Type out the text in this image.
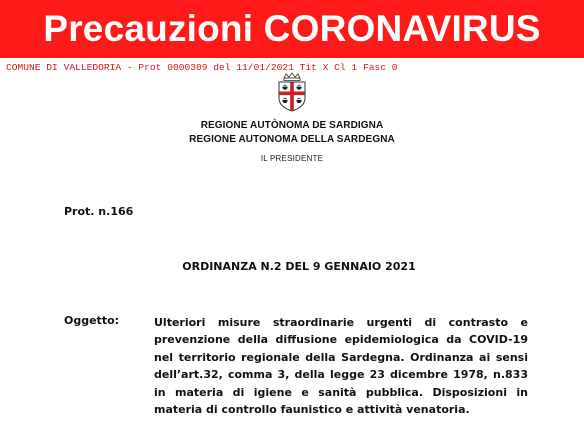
Precauzioni CORONAVIRUS
COMUNE DI VALLEDORIA - Prot 0000309 del 11/01/2021 Tit X Cl 1 Fasc 0
REGIONE AUTÒNOMA DE SARDIGNA
REGIONE AUTONOMA DELLA SARDEGNA
IL PRESIDENTE
Prot. n.166
ORDINANZA N.2 DEL 9 GENNAIO 2021
Oggetto:	Ulteriori misure straordinarie urgenti di contrasto e prevenzione della diffusione epidemiologica da COVID-19 nel territorio regionale della Sardegna. Ordinanza ai sensi dell’art.32, comma 3, della legge 23 dicembre 1978, n.833 in materia di igiene e sanità pubblica. Disposizioni in materia di controllo faunistico e attività venatoria.
